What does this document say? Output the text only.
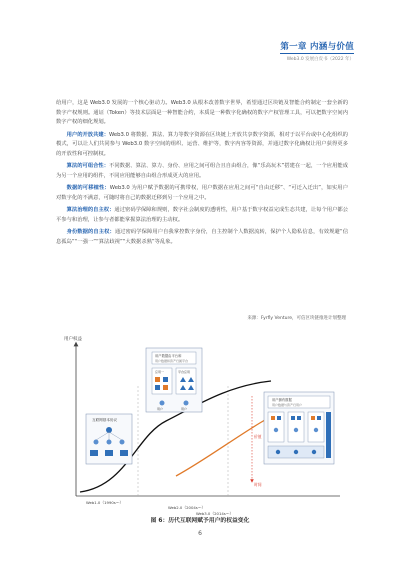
第一章 内涵与价值
Web3.0 发展白皮书（2022 年）

给用户，这是 Web3.0 发展的一个核心驱动力。Web3.0 从根本改善数字世界，希望通过区块链及智能合约制定一套全新的数字产权规则。通证（Token）等技术层面是一种智能合约，本质是一种数字化确权的数字产权管理工具，可以把数字空间内数字产权的细化规划。

用户的开放共建：Web3.0 将数据、算法、算力等数字资源在区块链上开放共享数字资源，相对于以平台或中心化组织的模式，可以让人们共同参与 Web3.0 数字空间的组织、运营、维护等，数字内容等资源，并通过数字化确权让用户获得更多的开放性和可控制权。

算法的可组合性：不同数据、算法、算力、身份、应用之间可组合且自由组合，像“乐高玩木”搭建在一起，一个应用能成为另一个应用的组件，不同应用能够自由组合形成更大的应用。

数据的可移植性：Web3.0 为用户赋予数据的可携带权，用户数据在应用之间可“自由迁移”、“可迁入迁出”，如实用户对数字化的不满意，可随时将自己的数据迁移到另一个应用之中。

算法治理的自主权：通过密码学保障和规则，数字社会制度的透明性，用户基于数字权益完成生态共建，让每个用户都公平参与和治理，让参与者都能掌握算法治理的主动权。

身份数据的自主权：通过密码学保障用户自我掌控数字身份，自主控制个人数据流转，保护个人隐私信息，有效规避“信息孤岛”“一强一”“算法歧视”“大数据杀熟”等乱象。

来源：Fyrfly Venture，可信区块链推进计划整理
用户权益
Web1.0（1990s～）
Web2.0（2004s～）
Web3.0（2014s～）
价值
时间
互联网基本协议
用户数据由平台和
用户数据和资产归属平台
应用一	平台应用
用户	用户
用户拥有数据
用户数据与资产归用户
图 6：历代互联网赋予用户的权益变化
6
